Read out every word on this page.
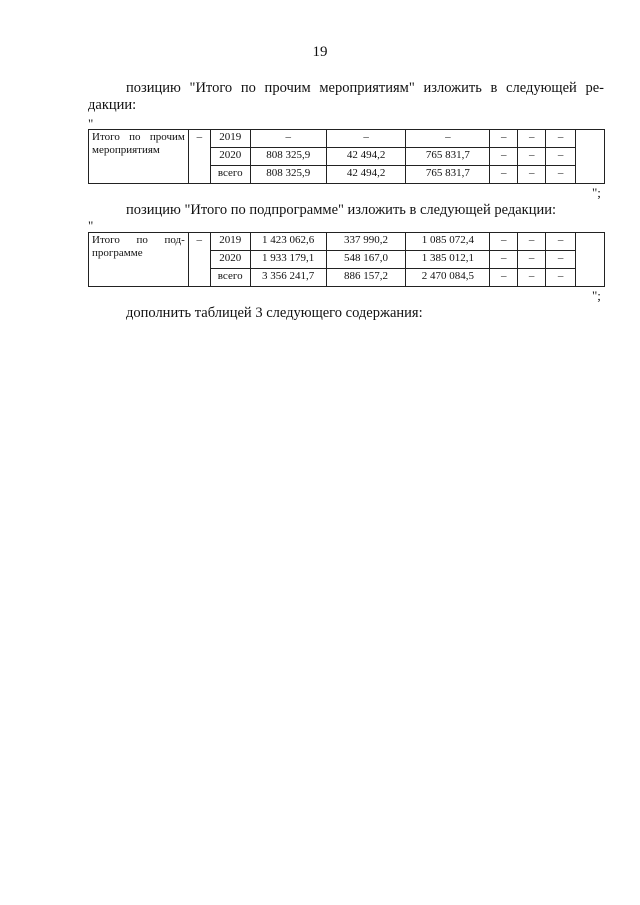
19
позицию "Итого по прочим мероприятиям" изложить в следующей ре-
дакции:
"
Итого по прочим
мероприятиям	–	2019	–	–	–	–	–	–	
		2020	808 325,9	42 494,2	765 831,7	–	–	–	
		всего	808 325,9	42 494,2	765 831,7	–	–	–	
";
позицию "Итого по подпрограмме" изложить в следующей редакции:
"
Итого по под-
программе	–	2019	1 423 062,6	337 990,2	1 085 072,4	–	–	–	
		2020	1 933 179,1	548 167,0	1 385 012,1	–	–	–	
		всего	3 356 241,7	886 157,2	2 470 084,5	–	–	–	
";
дополнить таблицей 3 следующего содержания:
